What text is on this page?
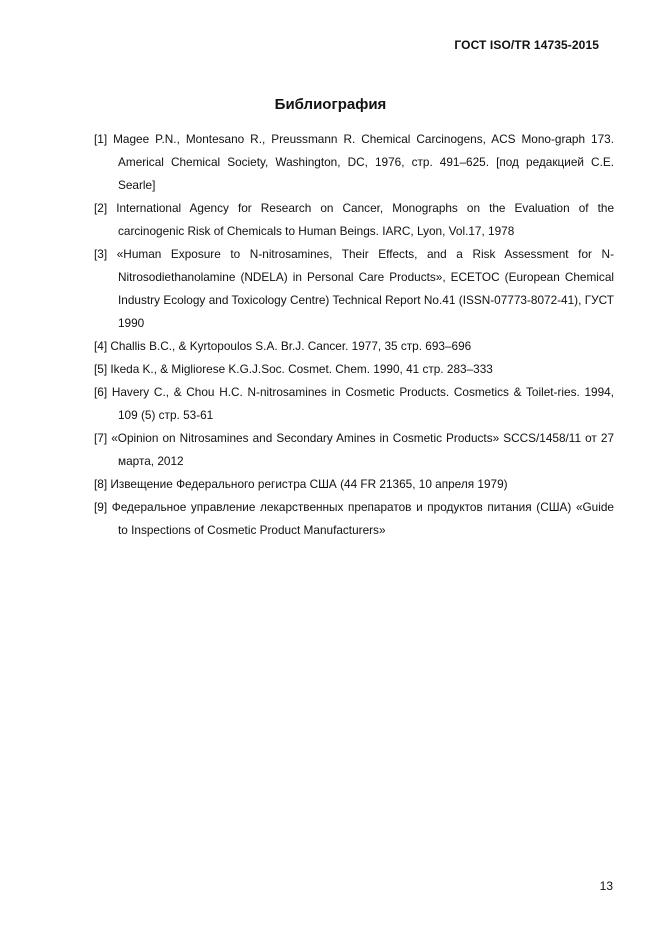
ГОСТ ISO/TR 14735-2015
Библиография
[1] Magee P.N., Montesano R., Preussmann R. Chemical Carcinogens, ACS Mono-graph 173. Americal Chemical Society, Washington, DC, 1976, стр. 491–625. [под редакцией C.E. Searle]
[2] International Agency for Research on Cancer, Monographs on the Evaluation of the carcinogenic Risk of Chemicals to Human Beings. IARC, Lyon, Vol.17, 1978
[3] «Human Exposure to N-nitrosamines, Their Effects, and a Risk Assessment for N-Nitrosodiethanolamine (NDELA) in Personal Care Products», ECETOC (European Chemical Industry Ecology and Toxicology Centre) Technical Report No.41 (ISSN-07773-8072-41), ГУСТ 1990
[4] Challis B.C., & Kyrtopoulos S.A. Br.J. Cancer. 1977, 35 стр. 693–696
[5] Ikeda K., & Migliorese K.G.J.Soc. Cosmet. Chem. 1990, 41 стр. 283–333
[6] Havery C., & Chou H.C. N-nitrosamines in Cosmetic Products. Cosmetics & Toilet-ries. 1994, 109 (5) стр. 53-61
[7] «Opinion on Nitrosamines and Secondary Amines in Cosmetic Products» SCCS/1458/11 от 27 марта, 2012
[8] Извещение Федерального регистра США (44 FR 21365, 10 апреля 1979)
[9] Федеральное управление лекарственных препаратов и продуктов питания (США) «Guide to Inspections of Cosmetic Product Manufacturers»
13
